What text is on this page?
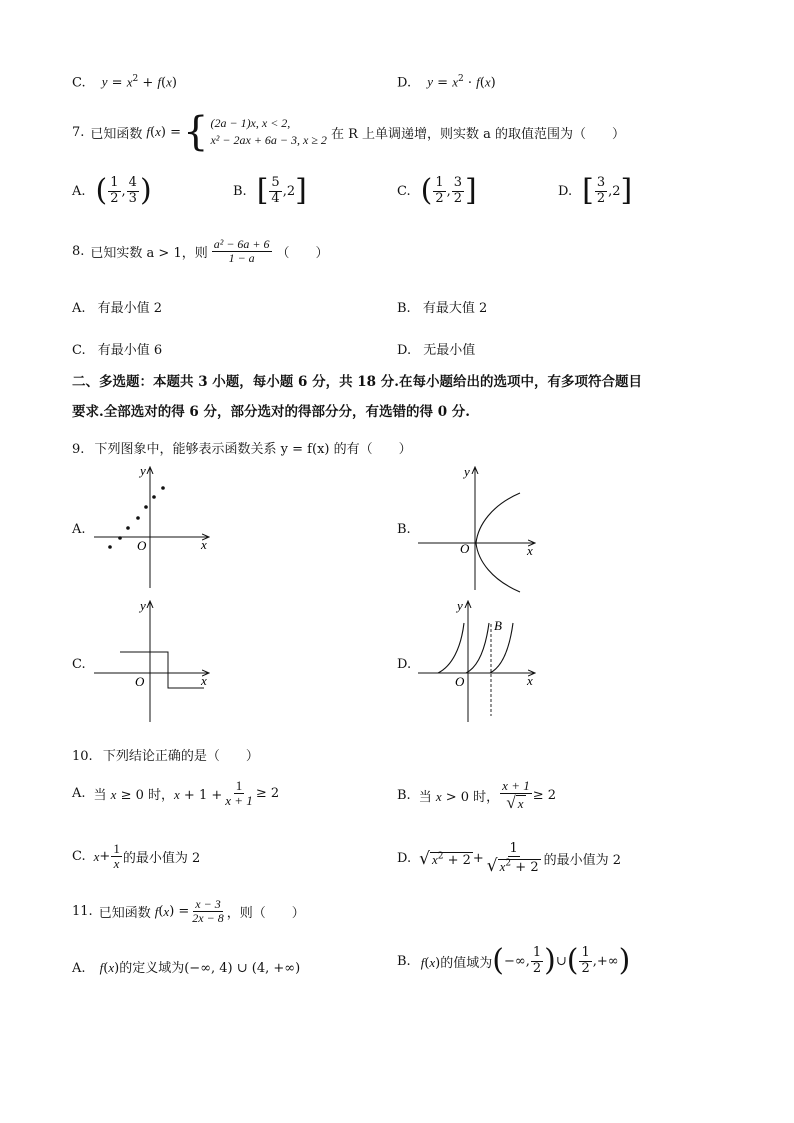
C. $y = x^2 + f(x)$	D. $y = x^2 \cdot f(x)$
7. 已知函数 f ( x ) = { (2a − 1)x, x < 2,
x² − 2ax + 6a − 3, x ≥ 2 在 R 上单调递增，则实数 a 的取值范围为（　　）
A. ( $\frac{1}{2}$ , $\frac{4}{3}$ )	B. [ $\frac{5}{4} ,2$ ]	C. ( $\frac{1}{2}$ , $\frac{3}{2}$ ]	D. [ $\frac{3}{2} ,2$ ]
8. 已知实数 a > 1，则 $\frac{\text{a² − 6a + 6}}{1 - a}$ （　　）
A. 有最小值 2	B. 有最大值 2
C. 有最小值 6	D. 无最小值
二、多选题：本题共 3 小题，每小题 6 分，共 18 分.在每小题给出的选项中，有多项符合题目
要求.全部选对的得 6 分，部分选对的得部分分，有选错的得 0 分.
9. 下列图象中，能够表示函数关系 y = f(x) 的有（　　）
A.	B.
C.	D.
x
y
O	x
y
O
x
y
O	x
y
O
B
10. 下列结论正确的是（　　）
A. 当 x ≥ 0 时，$x + 1 + \frac{1}{x + 1} \ge 2$	B. 当 x > 0 时， $\frac{x + 1}{√ x} \ge 2$
C. $x + \frac{1}{x}$ 的最小值为 2	D. √ $x^2 + 2 + \frac{1}{√ x^2 + 2}$ 的最小值为 2
11. 已知函数 f ( x ) = $\frac{x - 3}{2x - 8}$ ，则（　　）
A. f(x)的定义域为(−∞, 4) ∪ (4, +∞)	B. f(x)的值域为 ( −∞, $\frac{1}{2}$ ) ∪ ( $\frac{1}{2}$ ,+∞ )
